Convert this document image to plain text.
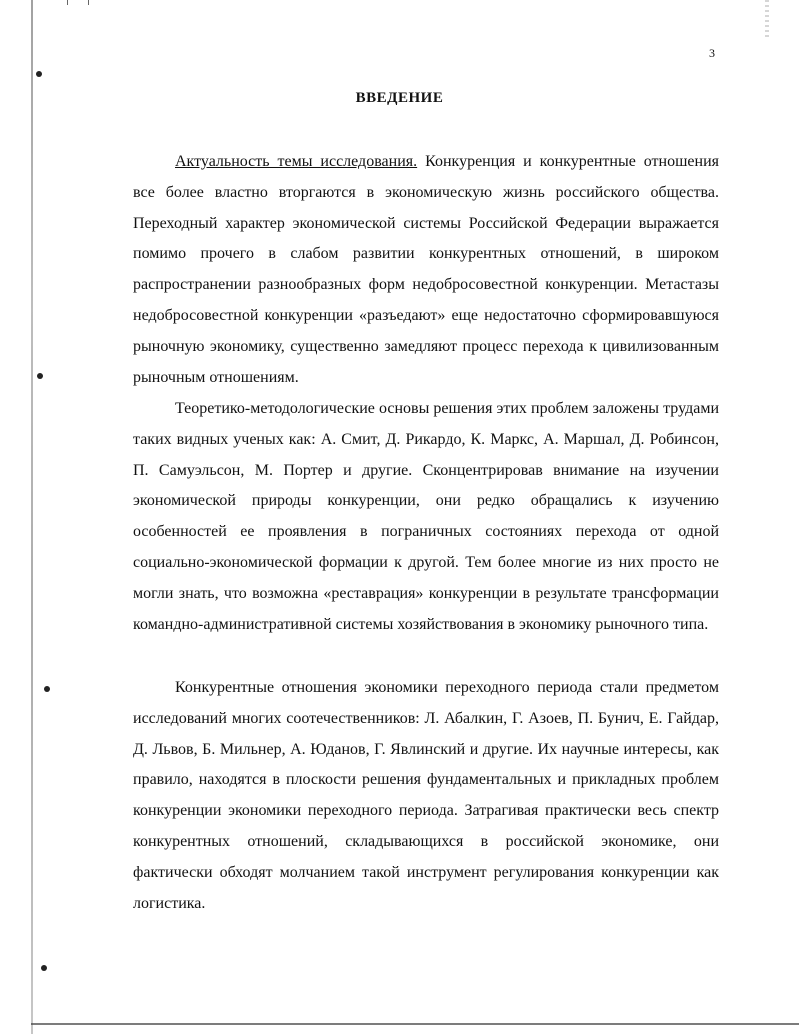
3
ВВЕДЕНИЕ

Актуальность темы исследования. Конкуренция и конкурентные отношения все более властно вторгаются в экономическую жизнь российского общества. Переходный характер экономической системы Российской Федерации выражается помимо прочего в слабом развитии конкурентных отношений, в широком распространении разнообразных форм недобросовестной конкуренции. Метастазы недобросовестной конкуренции «разъедают» еще недостаточно сформировавшуюся рыночную экономику, существенно замедляют процесс перехода к цивилизованным рыночным отношениям.

Теоретико-методологические основы решения этих проблем заложены трудами таких видных ученых как: А. Смит, Д. Рикардо, К. Маркс, А. Маршал, Д. Робинсон, П. Самуэльсон, М. Портер и другие. Сконцентрировав внимание на изучении экономической природы конкуренции, они редко обращались к изучению особенностей ее проявления в пограничных состояниях перехода от одной социально-экономической формации к другой. Тем более многие из них просто не могли знать, что возможна «реставрация» конкуренции в результате трансформации командно-административной системы хозяйствования в экономику рыночного типа.

Конкурентные отношения экономики переходного периода стали предметом исследований многих соотечественников: Л. Абалкин, Г. Азоев, П. Бунич, Е. Гайдар, Д. Львов, Б. Мильнер, А. Юданов, Г. Явлинский и другие. Их научные интересы, как правило, находятся в плоскости решения фундаментальных и прикладных проблем конкуренции экономики переходного периода. Затрагивая практически весь спектр конкурентных отношений, складывающихся в российской экономике, они фактически обходят молчанием такой инструмент регулирования конкуренции как логистика.
